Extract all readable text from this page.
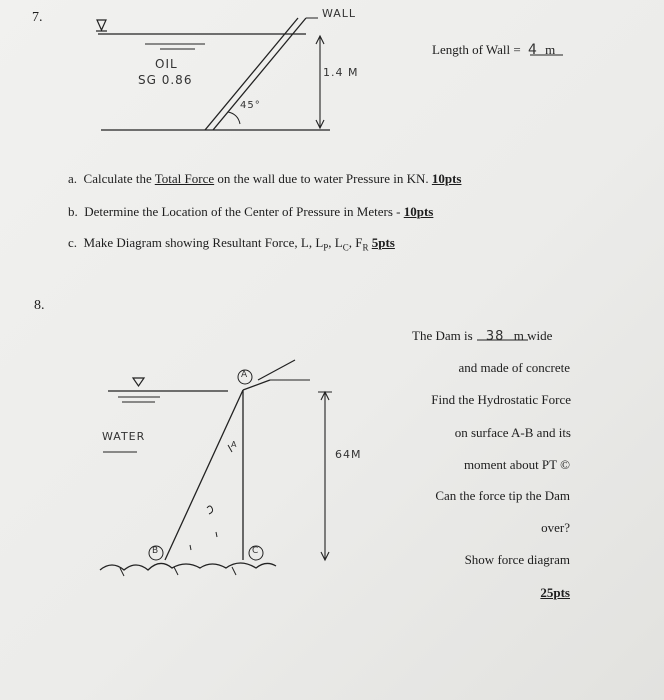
7.	WALL
OIL
SG 0.86
1.4 M
45°
Length of Wall = 4 m
a. Calculate the Total Force on the wall due to water Pressure in KN. 10pts
b. Determine the Location of the Center of Pressure in Meters - 10pts
c. Make Diagram showing Resultant Force, L, $L_P$, $L_C$, $F_R$ 5pts
8.
WATER
64M
A
B	C
A
The Dam is 38 m wide
and made of concrete
Find the Hydrostatic Force
on surface A-B and its
moment about PT ©
Can the force tip the Dam
over?
Show force diagram
25pts
